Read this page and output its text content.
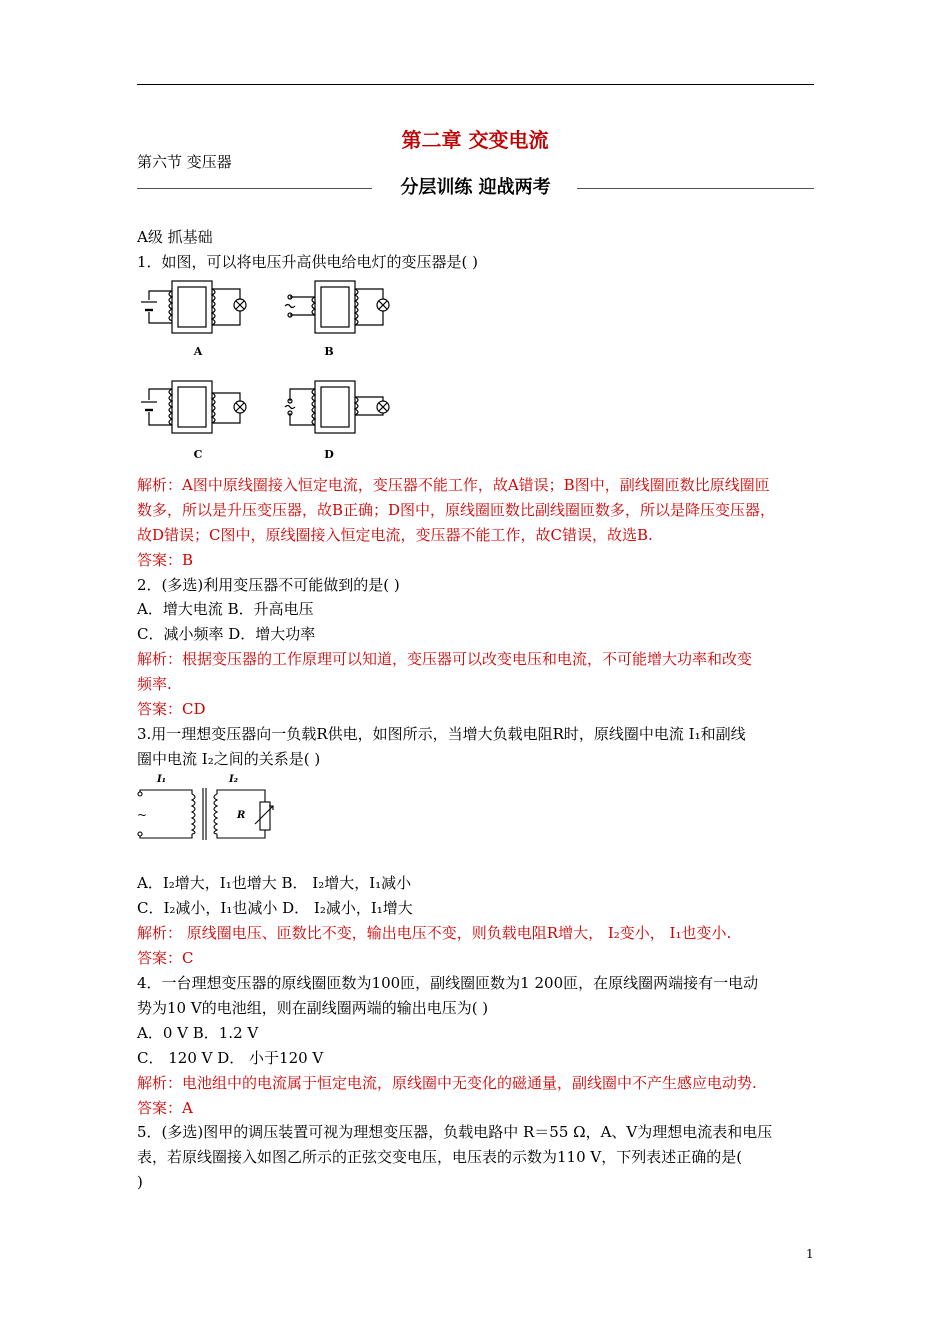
第二章 交变电流
第六节 变压器
分层训练 迎战两考
A级 抓基础
1．如图，可以将电压升高供电给电灯的变压器是( )
A	B
C	D
解析：A图中原线圈接入恒定电流，变压器不能工作，故A错误；B图中，副线圈匝数比原线圈匝
数多，所以是升压变压器，故B正确；D图中，原线圈匝数比副线圈匝数多，所以是降压变压器，
故D错误；C图中，原线圈接入恒定电流，变压器不能工作，故C错误，故选B.
答案：B
2．(多选)利用变压器不可能做到的是( )
A．增大电流 B．升高电压
C．减小频率 D．增大功率
解析：根据变压器的工作原理可以知道，变压器可以改变电压和电流，不可能增大功率和改变
频率.
答案：CD
3.用一理想变压器向一负载R供电，如图所示，当增大负载电阻R时，原线圈中电流 I₁和副线
圈中电流 I₂之间的关系是( )
I₁	I₂
R
~
A．I₂增大，I₁也增大 B． I₂增大，I₁减小
C．I₂减小，I₁也减小 D． I₂减小，I₁增大
解析： 原线圈电压、匝数比不变，输出电压不变，则负载电阻R增大， I₂变小， I₁也变小.
答案：C
4．一台理想变压器的原线圈匝数为100匝，副线圈匝数为1 200匝，在原线圈两端接有一电动
势为10 V的电池组，则在副线圈两端的输出电压为( )
A．0 V B．1.2 V
C． 120 V D． 小于120 V
解析：电池组中的电流属于恒定电流，原线圈中无变化的磁通量，副线圈中不产生感应电动势.
答案：A
5．(多选)图甲的调压装置可视为理想变压器，负载电路中 R＝55 Ω，A、V为理想电流表和电压
表，若原线圈接入如图乙所示的正弦交变电压，电压表的示数为110 V，下列表述正确的是(
)
1
